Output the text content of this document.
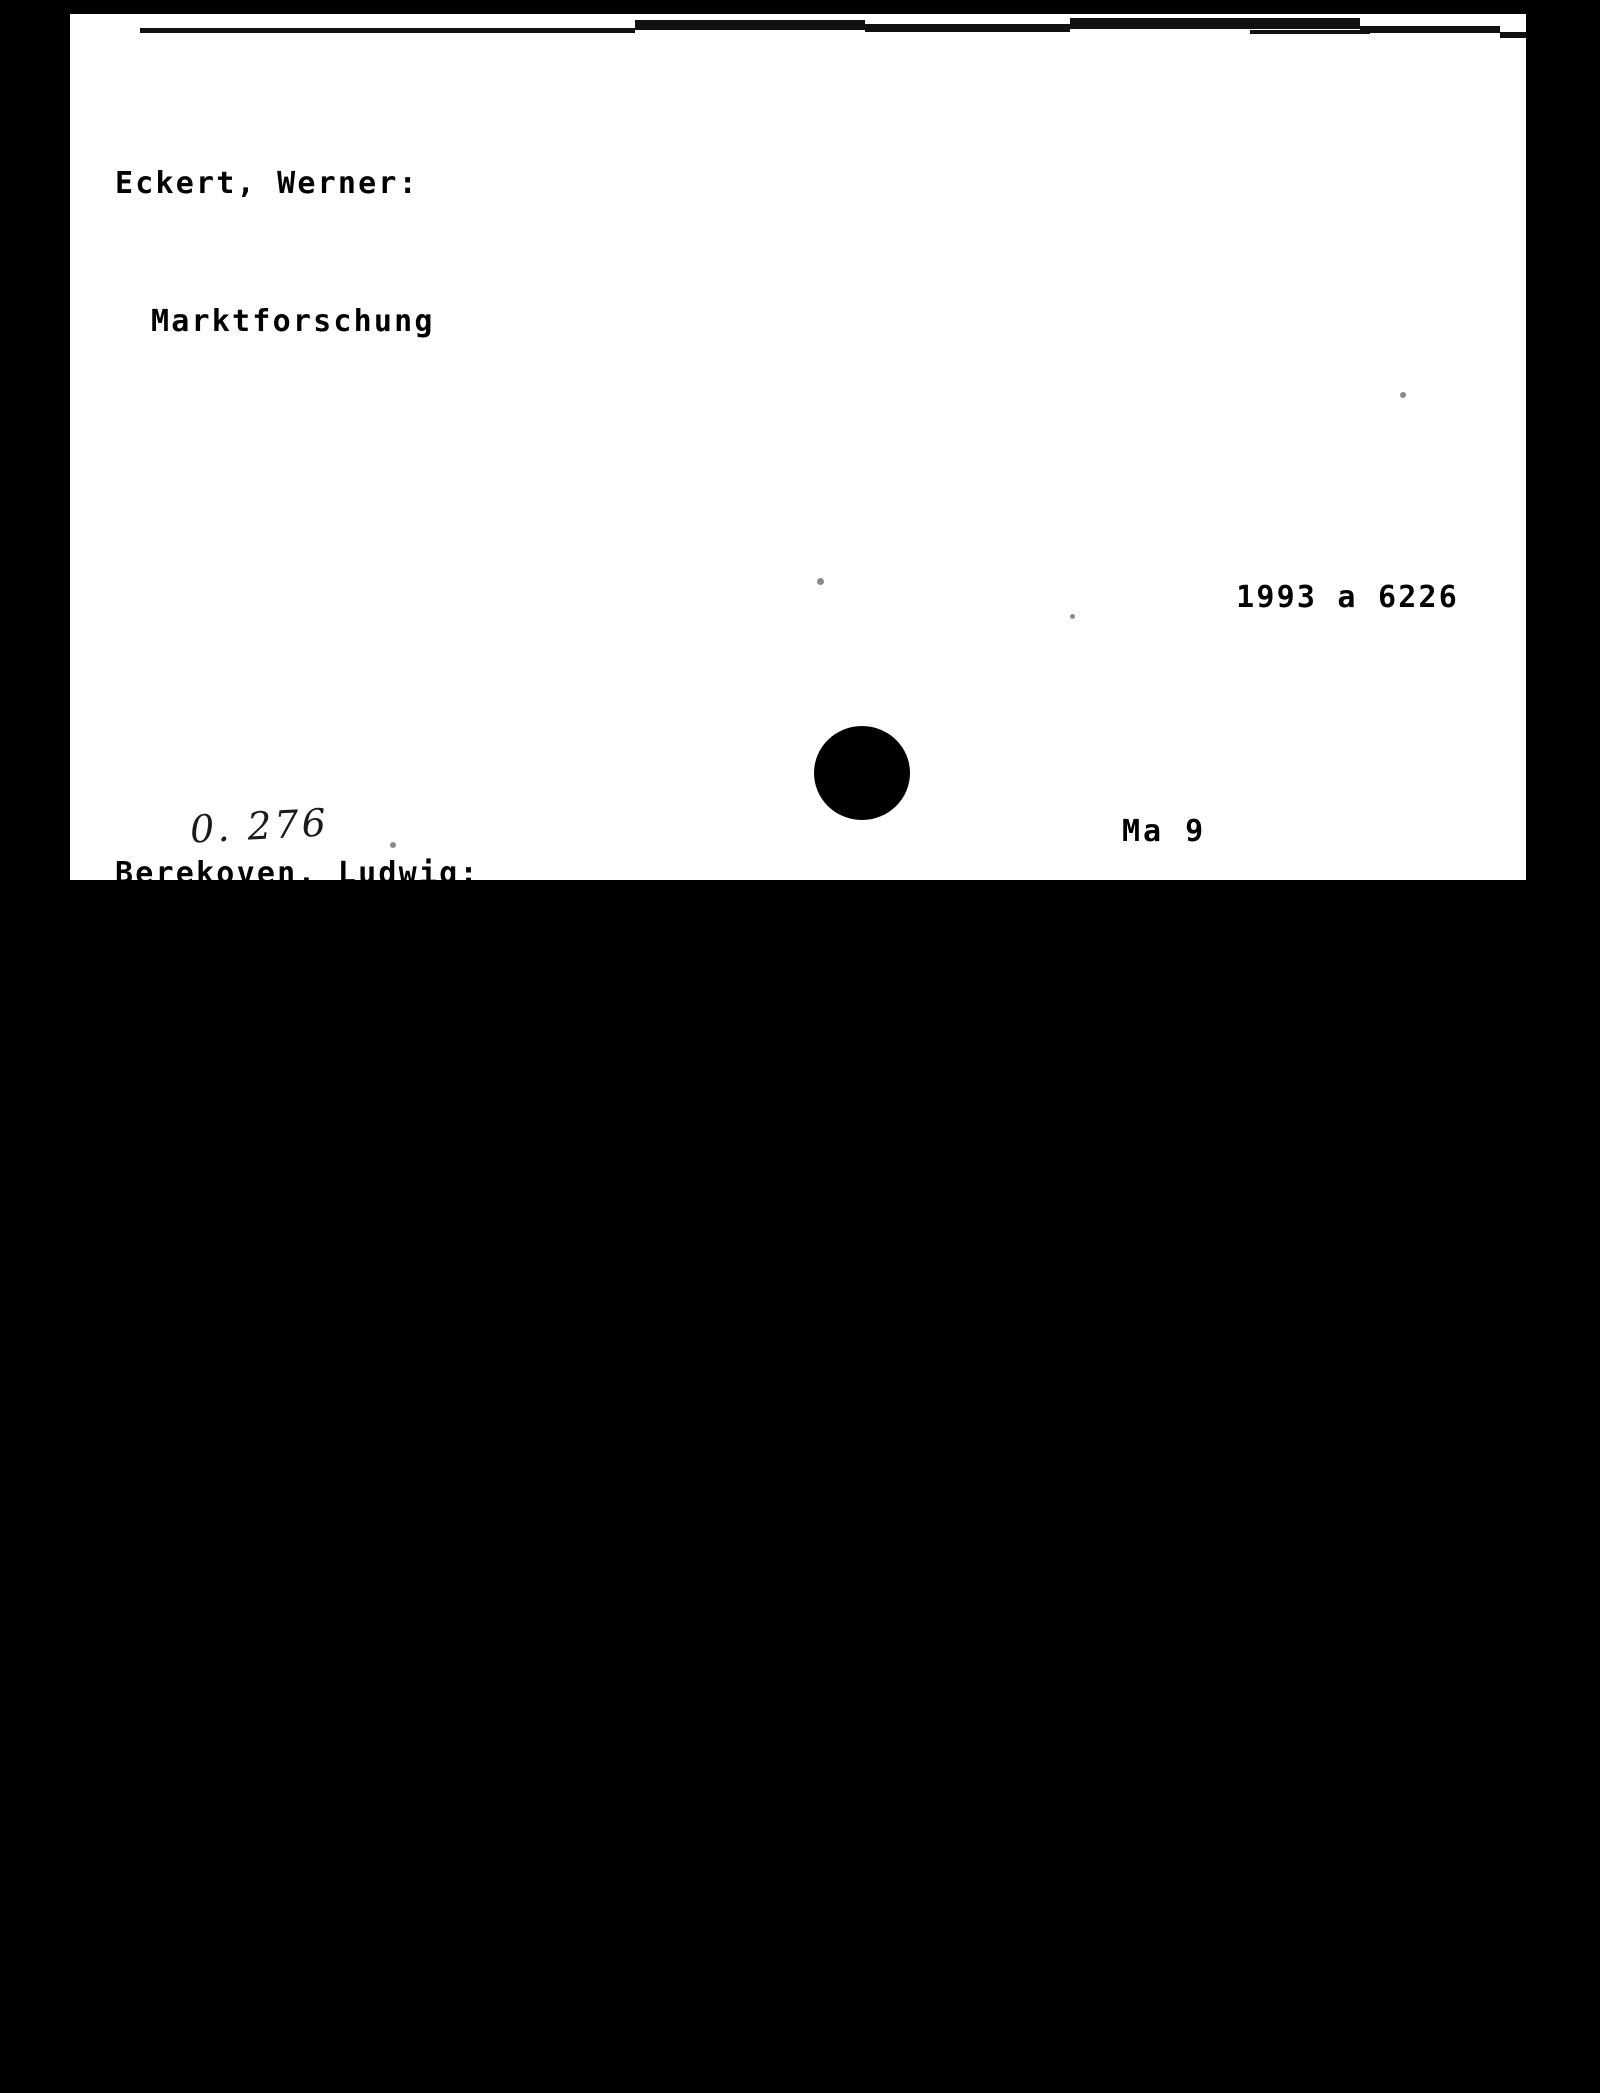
Eckert, Werner:

Marktforschung

1993 a 6226

Berekoven, Ludwig:

Marktforschung : methodische Grundlagen und

praktische Anwendung / Ludwig Berekoven; Werner

Eckert; Peter Ellenrieder. - 6., aktualisierte Aufl.

Wiesbaden : Gabler, 1993. - 407 S. : graph.

Darst.

(Gabler-Lehrbuch)

ISBN 3-409-36987-2

Literaturverz. S. [396] - 399

0. 276	Ma 9
